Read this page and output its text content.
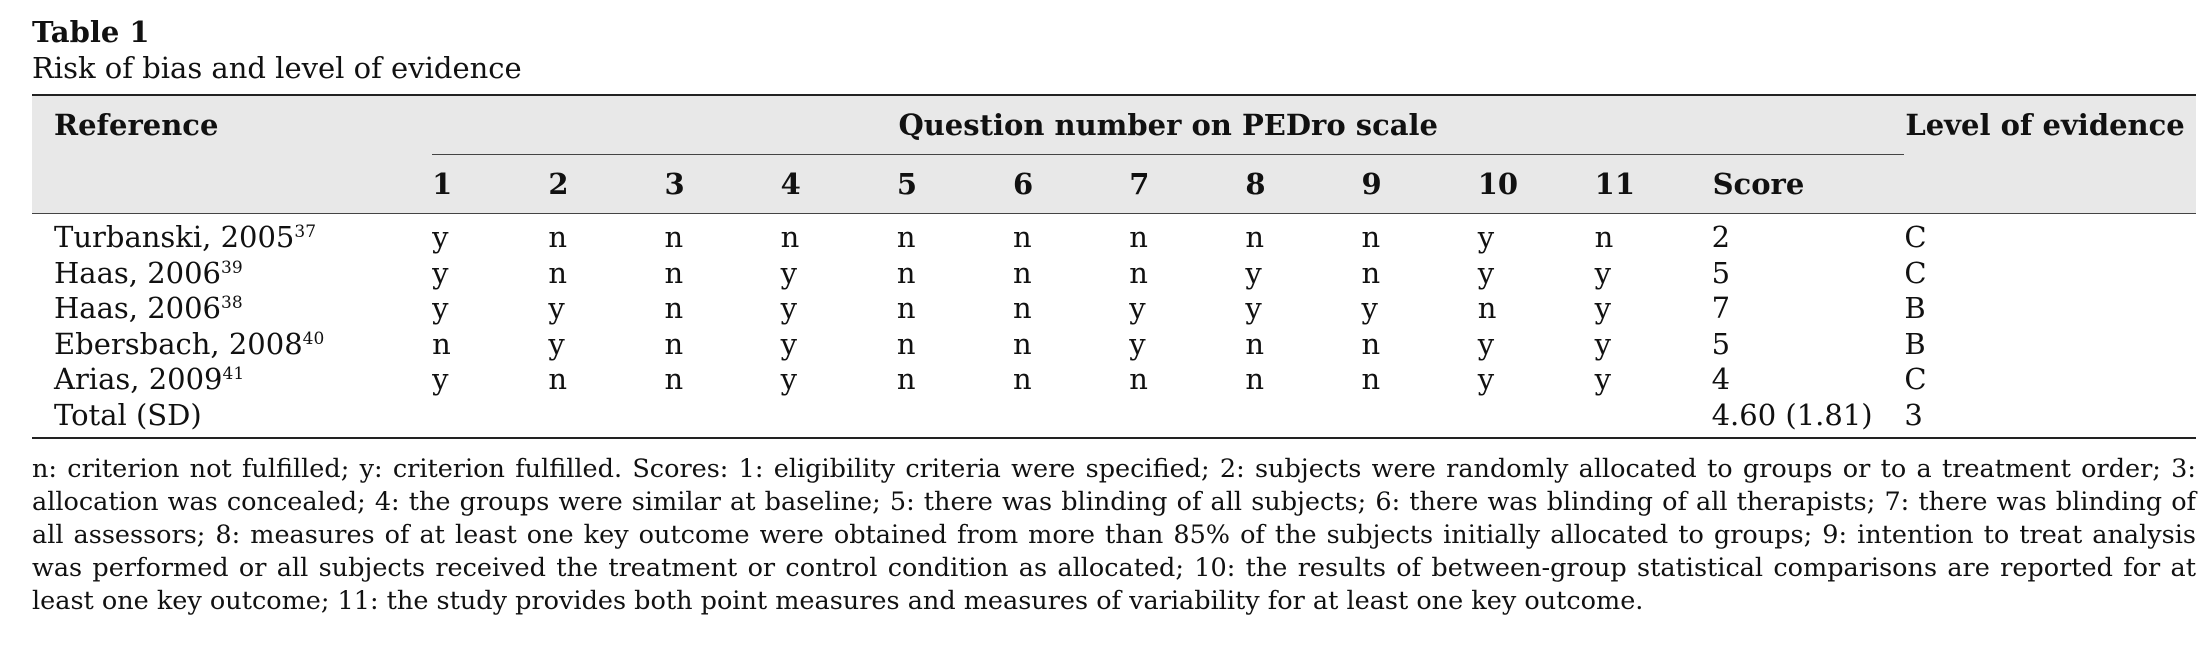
Table 1

Risk of bias and level of evidence

Reference	Question number on PEDro scale												Level of evidence
	1	2	3	4	5	6	7	8	9	10	11	Score	
Turbanski, 2005$^{37}$	y	n	n	n	n	n	n	n	n	y	n	2	C
Haas, 2006$^{39}$	y	n	n	y	n	n	n	y	n	y	y	5	C
Haas, 2006$^{38}$	y	y	n	y	n	n	y	y	y	n	y	7	B
Ebersbach, 2008$^{40}$	n	y	n	y	n	n	y	n	n	y	y	5	B
Arias, 2009$^{41}$	y	n	n	y	n	n	n	n	n	y	y	4	C
Total (SD)												4.60 (1.81)	3
n: criterion not fulfilled; y: criterion fulfilled. Scores: 1: eligibility criteria were specified; 2: subjects were randomly allocated to groups or to a treatment order; 3: allocation was concealed; 4: the groups were similar at baseline; 5: there was blinding of all subjects; 6: there was blinding of all therapists; 7: there was blinding of all assessors; 8: measures of at least one key outcome were obtained from more than 85% of the subjects initially allocated to groups; 9: intention to treat analysis was performed or all subjects received the treatment or control condition as allocated; 10: the results of between-group statistical comparisons are reported for at least one key outcome; 11: the study provides both point measures and measures of variability for at least one key outcome.
